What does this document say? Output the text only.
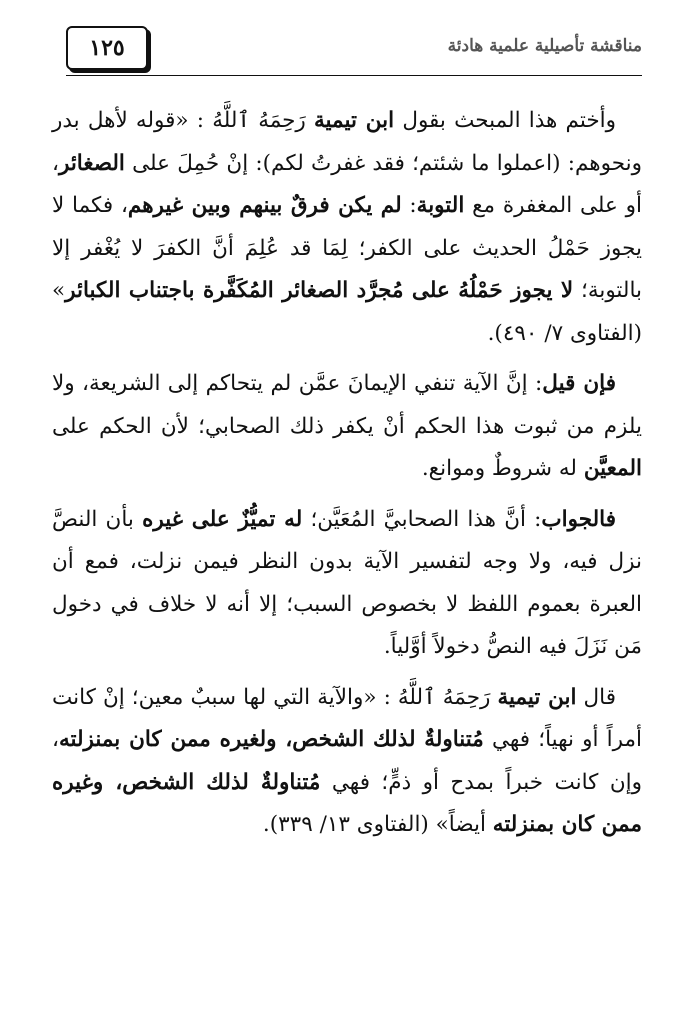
١٢٥	مناقشة تأصيلية علمية هادئة

وأختم هذا المبحث بقول ابن تيمية رَحِمَهُ ٱللَّهُ : «قوله لأهل بدر ونحوهم: (اعملوا ما شئتم؛ فقد غفرتُ لكم): إنْ حُمِلَ على الصغائر، أو على المغفرة مع التوبة: لم يكن فرقٌ بينهم وبين غيرهم، فكما لا يجوز حَمْلُ الحديث على الكفر؛ لِمَا قد عُلِمَ أنَّ الكفرَ لا يُغْفر إلا بالتوبة؛ لا يجوز حَمْلُهُ على مُجرَّد الصغائر المُكَفَّرة باجتناب الكبائر» (الفتاوى ٧/ ٤٩٠).

فإن قيل: إنَّ الآية تنفي الإيمانَ عمَّن لم يتحاكم إلى الشريعة، ولا يلزم من ثبوت هذا الحكم أنْ يكفر ذلك الصحابي؛ لأن الحكم على المعيَّن له شروطٌ وموانع.

فالجواب: أنَّ هذا الصحابيَّ المُعَيَّن؛ له تميُّزٌ على غيره بأن النصَّ نزل فيه، ولا وجه لتفسير الآية بدون النظر فيمن نزلت، فمع أن العبرة بعموم اللفظ لا بخصوص السبب؛ إلا أنه لا خلاف في دخول مَن نَزَلَ فيه النصُّ دخولاً أوَّلياً.

قال ابن تيمية رَحِمَهُ ٱللَّهُ : «والآية التي لها سببٌ معين؛ إنْ كانت أمراً أو نهياً؛ فهي مُتناولةٌ لذلك الشخص، ولغيره ممن كان بمنزلته، وإن كانت خبراً بمدح أو ذمٍّ؛ فهي مُتناولةٌ لذلك الشخص، وغيره ممن كان بمنزلته أيضاً» (الفتاوى ١٣/ ٣٣٩).
